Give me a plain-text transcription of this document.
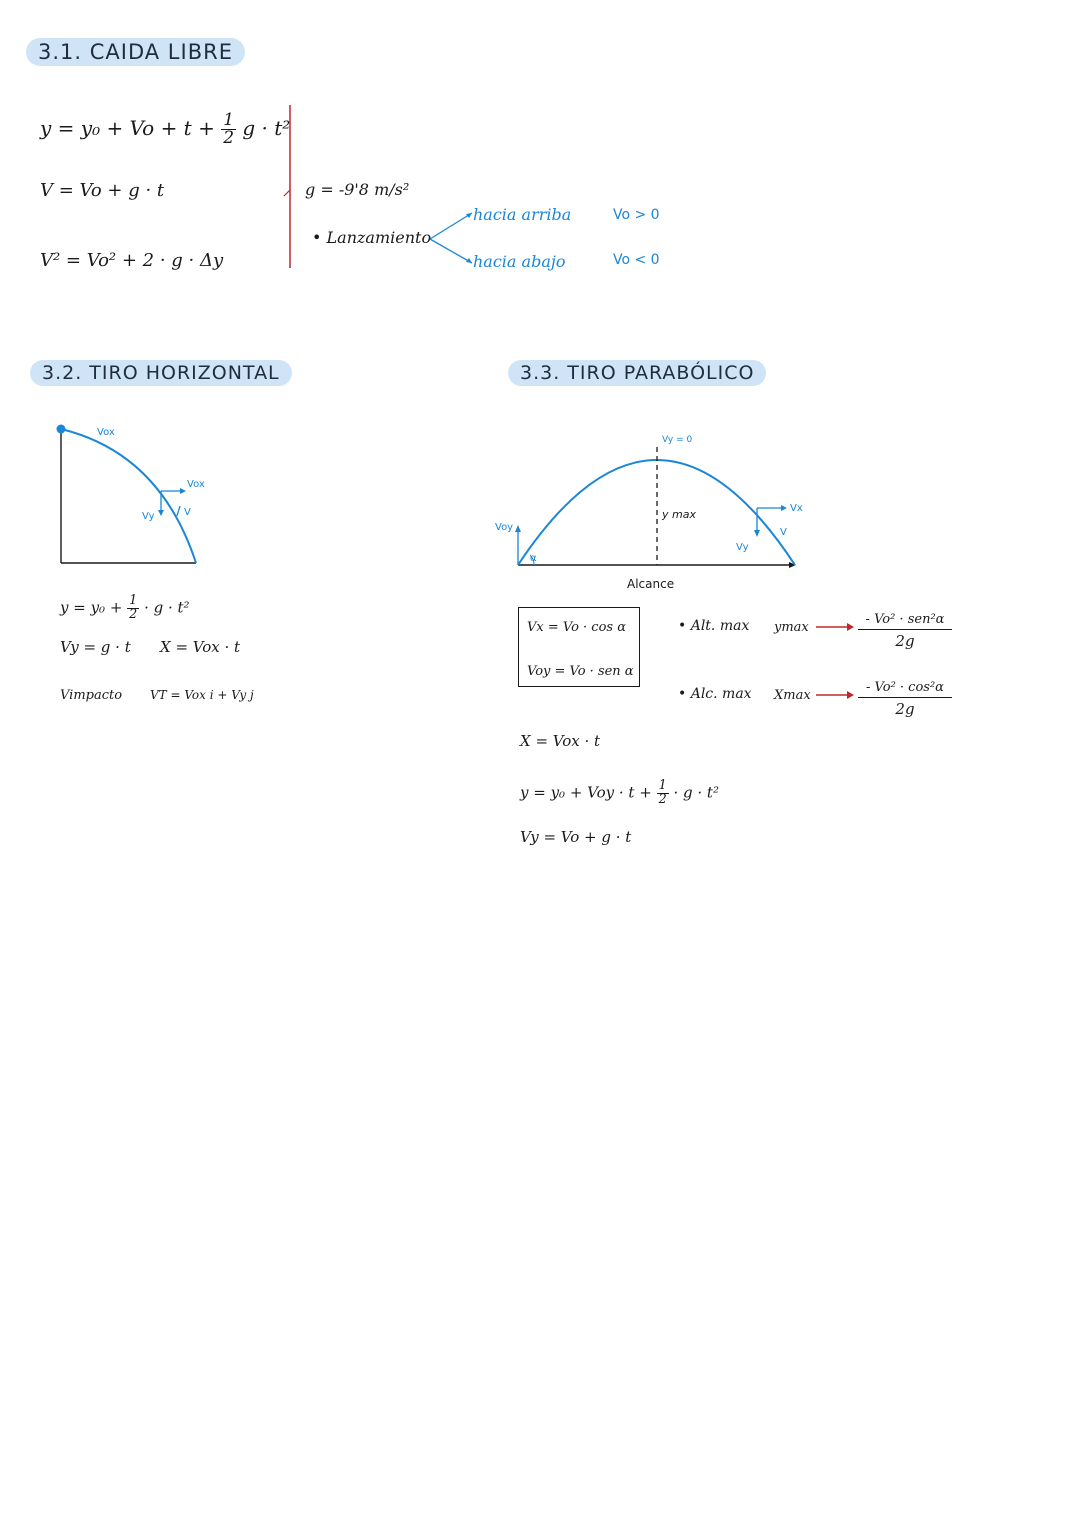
3.1. CAIDA LIBRE
$y = y_0 + Vo + t + \frac{1}{2}$ g · t²
V = Vo + g · t
V² = Vo² + 2 · g · Δy
g = -9'8 m/s²
• Lanzamiento
hacia arriba	Vo > 0
hacia abajo	Vo < 0
3.2. TIRO HORIZONTAL
Vox
Vox
Vy	V
$y = y_0 + \frac{1}{2} \cdot g \cdot t^2$
Vy = g · t X = Vox · t
Vimpacto VT = Vox i + Vy j
3.3. TIRO PARABÓLICO
Vy = 0
y max
Voy
α
Vx
V
Vy
Alcance
Vx = Vo · cos α
Voy = Vo · sen α
• Alt. max ymax
- Vo² · sen²α
2g
• Alc. max Xmax	$\frac{\text{- Vo² · cos²α}}{2g}$
X = Vox · t
y = y₀ + Voy · $t + \frac{1}{2} \cdot g \cdot t^2$
Vy = Vo + g · t
